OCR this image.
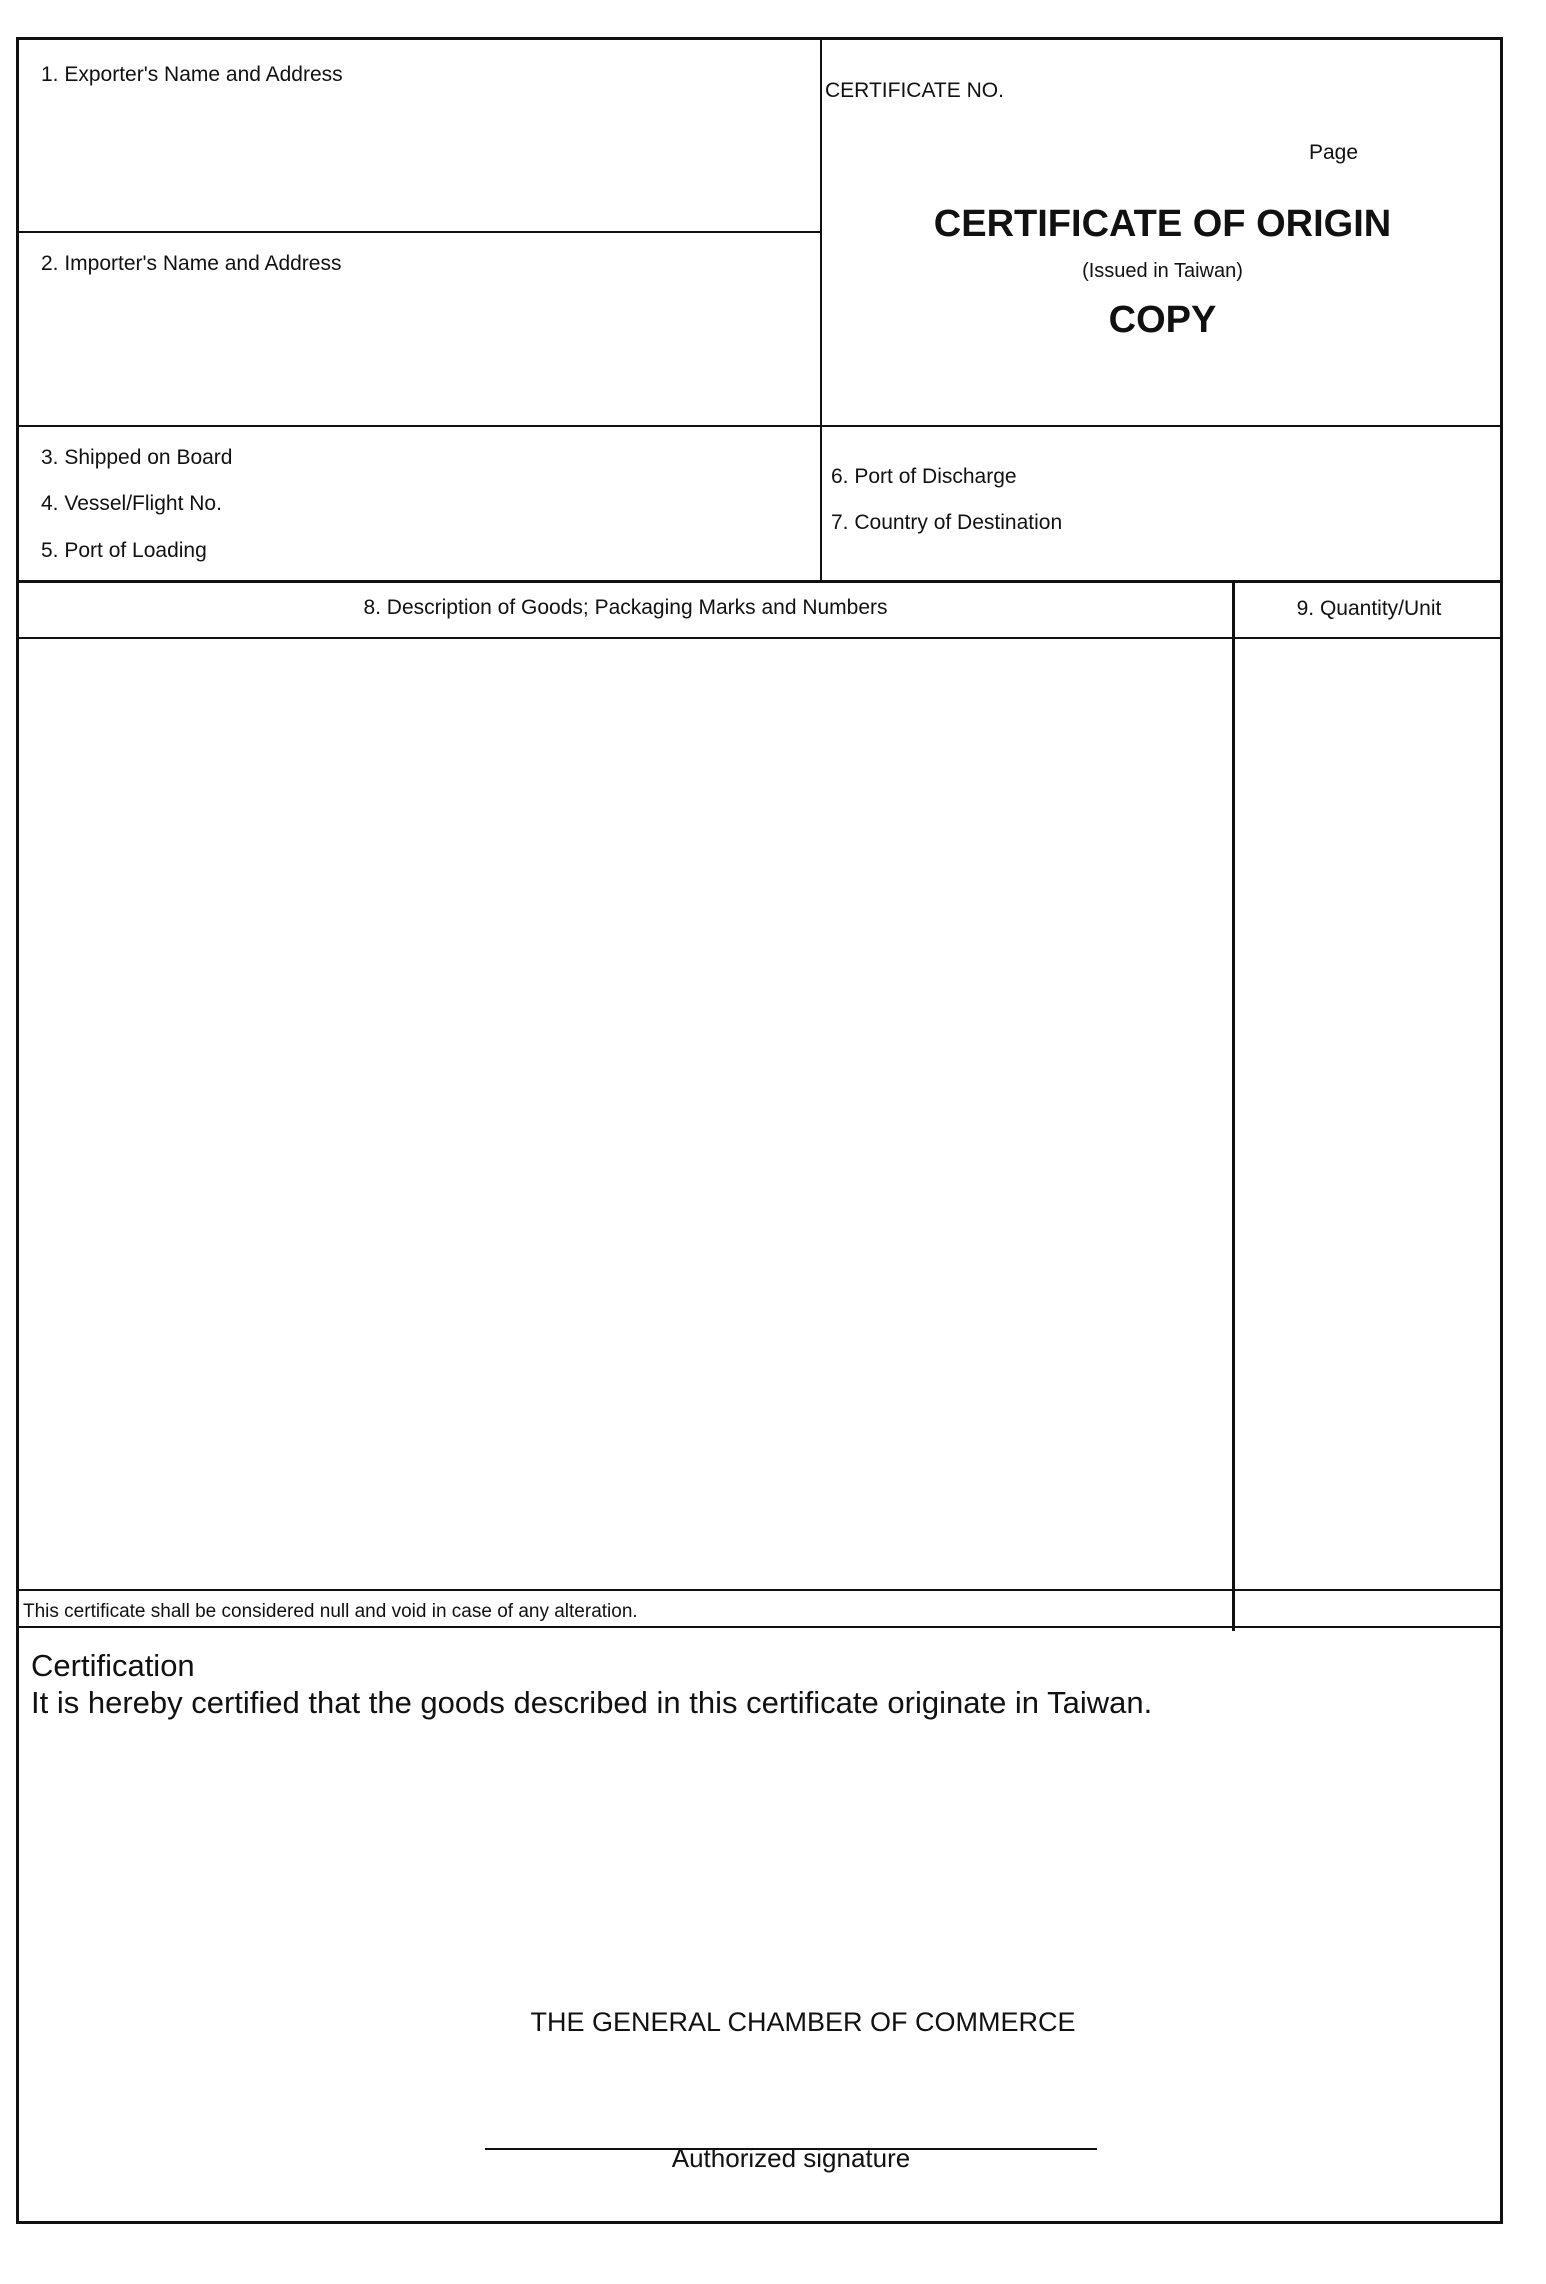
1. Exporter's Name and Address
2. Importer's Name and Address
3. Shipped on Board
4. Vessel/Flight No.
5. Port of Loading
6. Port of Discharge
7. Country of Destination
8. Description of Goods; Packaging Marks and Numbers	9. Quantity/Unit
CERTIFICATE NO.
Page
CERTIFICATE OF ORIGIN
(Issued in Taiwan)
COPY
This certificate shall be considered null and void in case of any alteration.
Certification
It is hereby certified that the goods described in this certificate originate in Taiwan.
THE GENERAL CHAMBER OF COMMERCE
Authorized signature
